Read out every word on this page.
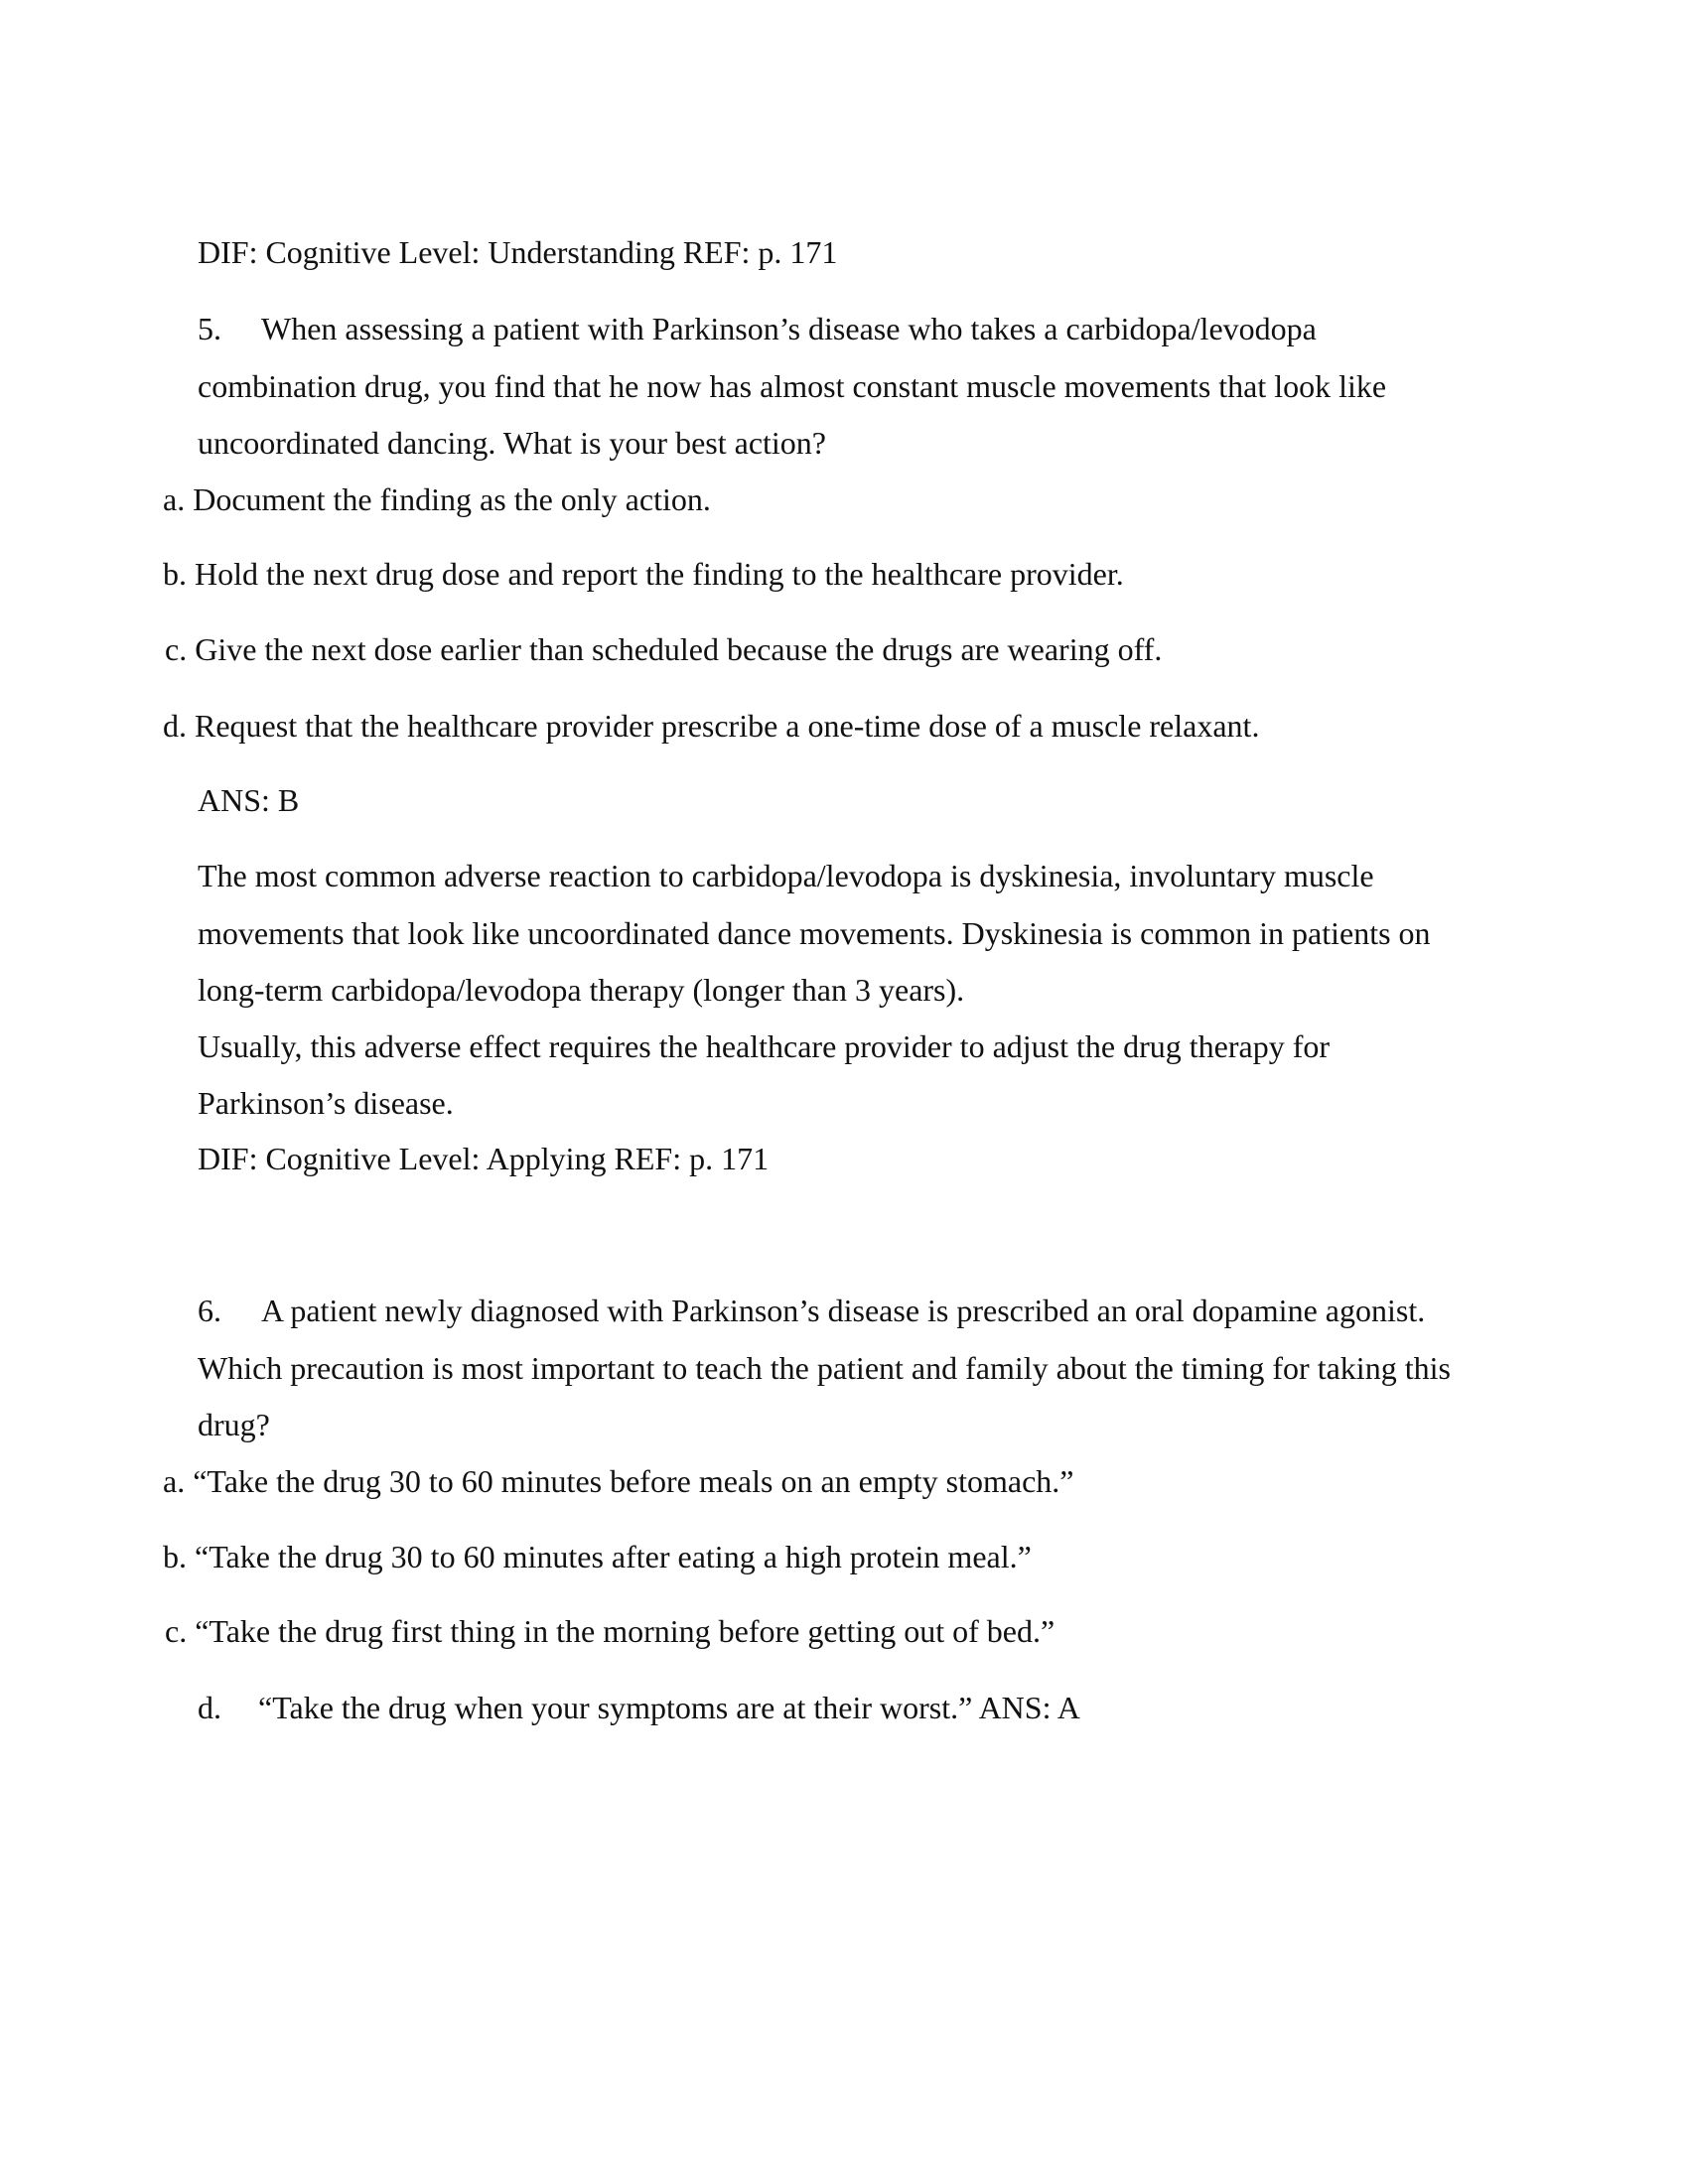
DIF: Cognitive Level: Understanding REF: p. 171
5. When assessing a patient with Parkinson’s disease who takes a carbidopa/levodopa
combination drug, you find that he now has almost constant muscle movements that look like
uncoordinated dancing. What is your best action?
a. Document the finding as the only action.
b. Hold the next drug dose and report the finding to the healthcare provider.
c. Give the next dose earlier than scheduled because the drugs are wearing off.
d. Request that the healthcare provider prescribe a one-time dose of a muscle relaxant.
ANS: B
The most common adverse reaction to carbidopa/levodopa is dyskinesia, involuntary muscle
movements that look like uncoordinated dance movements. Dyskinesia is common in patients on
long-term carbidopa/levodopa therapy (longer than 3 years).
Usually, this adverse effect requires the healthcare provider to adjust the drug therapy for
Parkinson’s disease.
DIF: Cognitive Level: Applying REF: p. 171
6. A patient newly diagnosed with Parkinson’s disease is prescribed an oral dopamine agonist.
Which precaution is most important to teach the patient and family about the timing for taking this
drug?
a. “Take the drug 30 to 60 minutes before meals on an empty stomach.”
b. “Take the drug 30 to 60 minutes after eating a high protein meal.”
c. “Take the drug first thing in the morning before getting out of bed.”
d. “Take the drug when your symptoms are at their worst.” ANS: A
